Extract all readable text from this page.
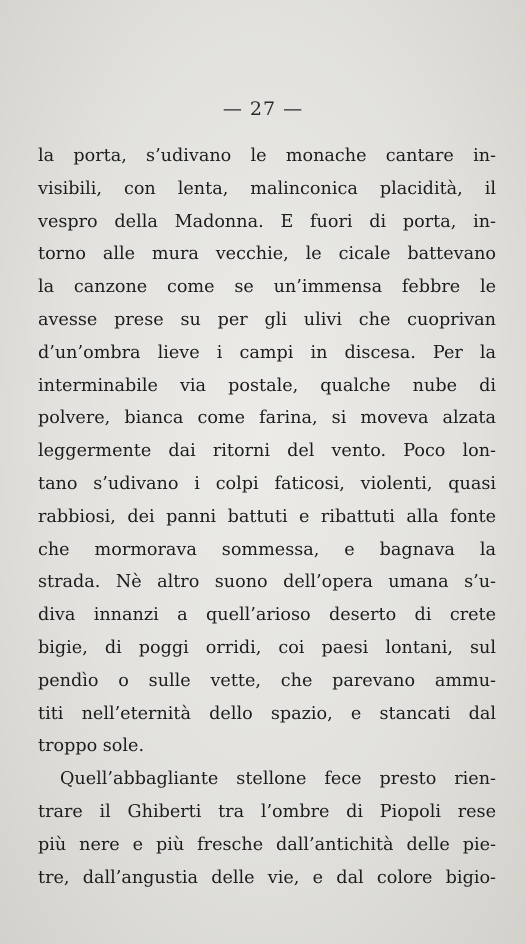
— 27 —
la porta, s’udivano le monache cantare in-
visibili, con lenta, malinconica placidità, il
vespro della Madonna. E fuori di porta, in-
torno alle mura vecchie, le cicale battevano
la canzone come se un’immensa febbre le
avesse prese su per gli ulivi che cuoprivan
d’un’ombra lieve i campi in discesa. Per la
interminabile via postale, qualche nube di
polvere, bianca come farina, si moveva alzata
leggermente dai ritorni del vento. Poco lon-
tano s’udivano i colpi faticosi, violenti, quasi
rabbiosi, dei panni battuti e ribattuti alla fonte
che mormorava sommessa, e bagnava la
strada. Nè altro suono dell’opera umana s’u-
diva innanzi a quell’arioso deserto di crete
bigie, di poggi orridi, coi paesi lontani, sul
pendìo o sulle vette, che parevano ammu-
titi nell’eternità dello spazio, e stancati dal
troppo sole.
Quell’abbagliante stellone fece presto rien-
trare il Ghiberti tra l’ombre di Piopoli rese
più nere e più fresche dall’antichità delle pie-
tre, dall’angustia delle vie, e dal colore bigio-
